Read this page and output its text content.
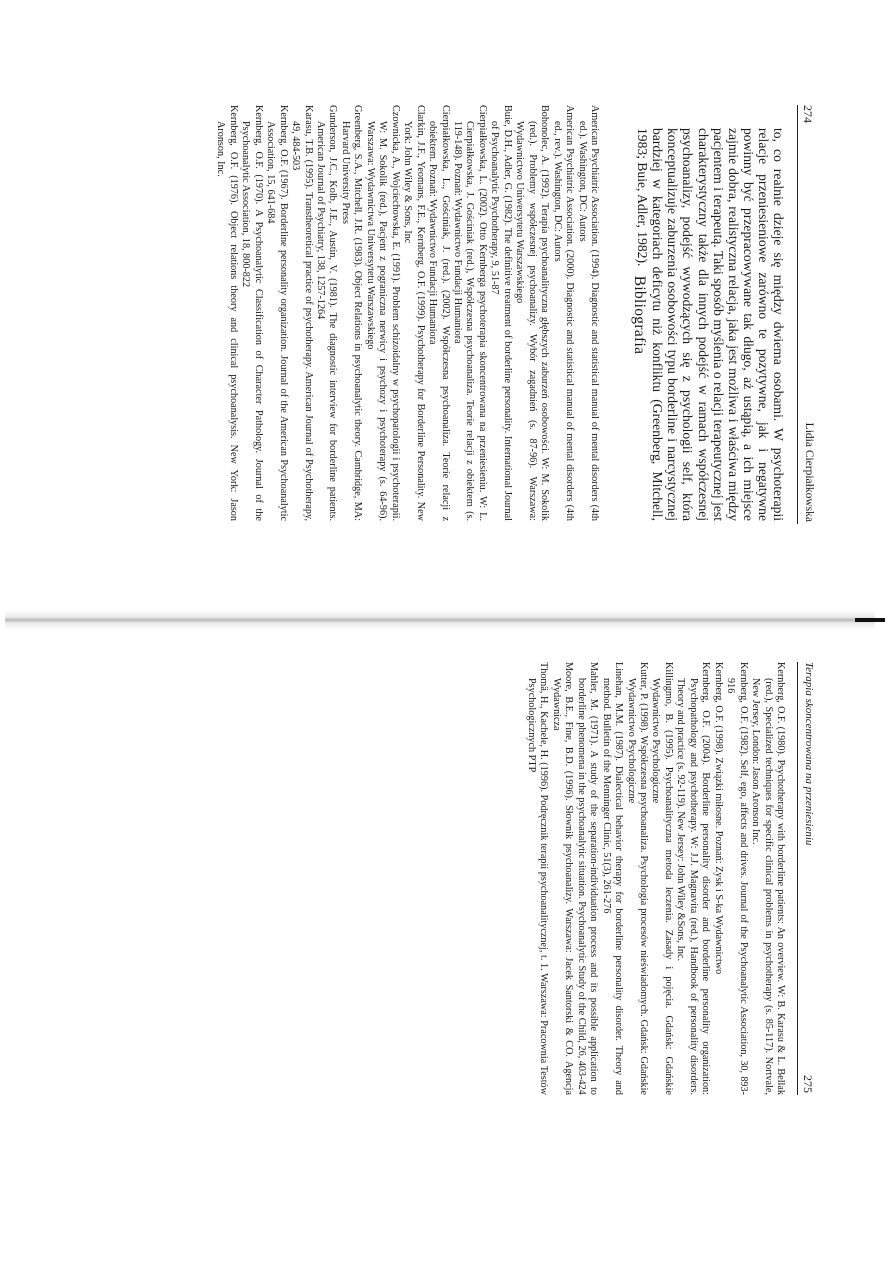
274
Lidia Cierpiałkowska

to, co realnie dzieje się między dwiema osobami. W psychoterapii relacje przeniesieniowe zarówno te pozytywne, jak i negatywne powinny być przepracowywane tak długo, aż ustąpią, a ich miejsce zajmie dobra, realistyczna relacja, jaka jest możliwa i właściwa między pacjentem i terapeutą. Taki sposób myślenia o relacji terapeutycznej jest charakterystyczny także dla innych podejść w ramach współczesnej psychoanalizy, podejść wywodzących się z psychologii self, która konceptualizuje zaburzenia osobowości typu borderline i narcystycznej bardziej w kategoriach deficytu niż konfliktu (Greenberg, Mitchell, 1983; Buie, Adler, 1982).

Bibliografia
American Psychiatric Association. (1994). Diagnostic and statistical manual of mental disorders (4th ed.). Washington, DC: Autors
American Psychiatric Association. (2000). Diagnostic and statistical manual of mental disorders (4th ed., rev.). Washington, DC: Autors
Bohonolec, A. (1992). Terapia psychoanalityczna głębszych zaburzeń osobowości. W: M. Sokolik (red.). Problemy współczesnej psychoanalizy. Wybór zagadnień (s. 87-96). Warszawa: Wydawnictwo Uniwersytetu Warszawskiego
Buie, D.H., Adler, G. (1982). The definitive treatment of borderline personality. International Journal of Psychoanalytic Psychotherapy, 9, 51-87
Cierpiałkowska, L. (2002). Otto Kernberga psychoterapia skoncentrowana na przeniesieniu. W: L. Cierpiałkowska, J. Gościniak (red.), Współczesna psychoanaliza. Teorie relacji z obiektem (s. 119-148). Poznań: Wydawnictwo Fundacji Humaniora
Cierpiałkowska, L., Gościniak, J. (red.). (2002). Współczesna psychoanaliza. Teorie relacji z obiektem. Poznań: Wydawnictwo Fundacji Humaniora
Clarkin, J.F., Yeomans, F.E., Kernberg, O.F. (1999). Psychotherapy for Borderline Personality. New York: John Wiley & Sons, Inc
Czownicka, A., Wojciechowska, E. (1991). Problem schizoidalny w psychopatologii i psychoterapii. W: M. Sokolik (red.), Pacjent z pograniczna nerwicy i psychozy i psychoterapy (s. 64-96). Warszawa: Wydawnictwa Uniwersytetu Warszawskiego
Greenberg, S.A., Mitchell, J.R. (1983). Object Relations in psychoanalytic theory. Cambridge, MA: Harvard University Press
Gunderson, J.C., Kolb, J.E., Austin, V. (1981). The diagnostic interview for borderline patients. American Journal of Psychiatry, 138, 1257-1264
Karasu, T.B. (1995). Transtheoretical practice of psychotherapy. American Journal of Psychotherapy, 49, 484-503
Kernberg, O.F. (1967). Borderline personality organization. Journal of the American Psychoanalytic Association, 15, 641-684
Kernberg, O.F. (1970). A Psychoanalytic Classification of Character Pathology. Journal of the Psychoanalytic Association, 18, 800-822
Kernberg, O.F. (1976). Object relations theory and clinical psychoanalysis. New York: Jason Aronson, Inc.
Terapia skoncentrowana na przeniesieniu
275
Kernberg, O.F. (1980). Psychotherapy with borderline patients: An overview. W: B. Karasu & L. Bellak (red.), Specialized techniques for specific clinical problems in psychotherapy (s. 85-117). Nortvale, New Jersey, London: Jason Aronson Inc.
Kernberg, O.F. (1982). Self, ego, affects and drives. Journal of the Psychoanalytic Association, 30, 893-916
Kernberg, O.F. (1998). Związki miłosne. Poznań: Zysk i S-ka Wydawnictwo
Kernberg, O.F. (2004). Borderline personality disorder and borderline personality organization: Psychopathology and psychotherapy. W: J.J. Magnavita (red.), Handbook of personality disorders. Theory and practice (s. 92-119). New Jersey: John Wiley &Sons, Inc.
Killingmo, B. (1995). Psychoanalityczna metoda leczenia. Zasady i pojęcia. Gdańsk: Gdańskie Wydawnictwo Psychologiczne
Kutter, P. (1998). Współczesna psychoanaliza. Psychologia procesów nieświadomych. Gdańsk: Gdańskie Wydawnictwo Psychologiczne
Linehan, M.M. (1987). Dialectical behavior therapy for borderline personality disorder. Theory and method. Bulletin of the Menninger Clinic, 51(3), 261-276
Mahler, M. (1971). A study of the separation-individuation process and its possible application to borderline phenomena in the psychoanalytic situation. Psychoanalytic Study of the Child, 26, 403-424
Moore, B.E., Fine, B.D. (1996). Słownik psychoanalizy. Warszawa: Jacek Santorski & CO. Agencja Wydawnicza
Thomä, H., Kachele, H. (1996). Podręcznik terapii psychoanalitycznej, t. 1. Warszawa: Pracownia Testów Psychologicznych PTP
